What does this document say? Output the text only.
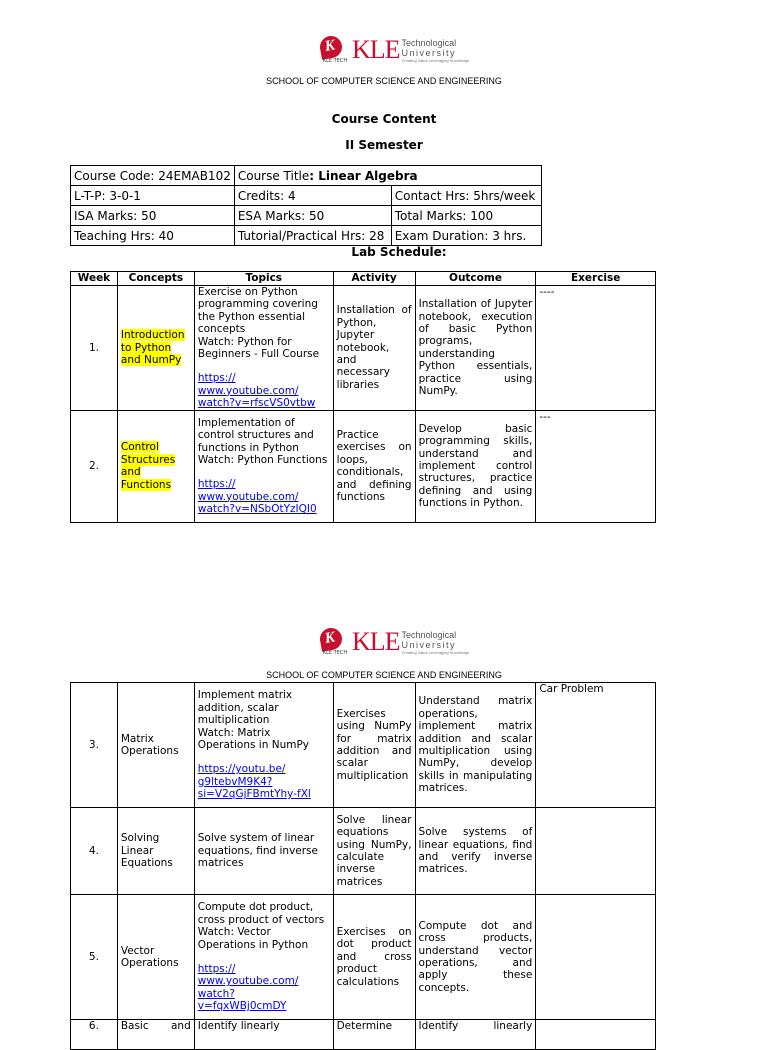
K
KLE TECH KLE Technological
University
Creating Value Leveraging Knowledge
SCHOOL OF COMPUTER SCIENCE AND ENGINEERING
Course Content
II Semester
Course Code: 24EMAB102	Course Title: Linear Algebra	
L-T-P: 3-0-1	Credits: 4	Contact Hrs: 5hrs/week
ISA Marks: 50	ESA Marks: 50	Total Marks: 100
Teaching Hrs: 40	Tutorial/Practical Hrs: 28	Exam Duration: 3 hrs.
Lab Schedule:
Week	Concepts	Topics	Activity	Outcome	Exercise
1.	Introduction to Python and NumPy	Exercise on Python programming covering the Python essential concepts
Watch: Python for Beginners - Full Course
https://
www.youtube.com/
watch?v=rfscVS0vtbw	Installation of Python, Jupyter notebook, and necessary libraries	Installation of Jupyter notebook, execution of basic Python programs, understanding Python essentials, practice using NumPy.	----
2.	Control Structures and Functions	Implementation of control structures and functions in Python
Watch: Python Functions
https://
www.youtube.com/
watch?v=NSbOtYzIQI0	Practice exercises on loops, conditionals, and defining functions	Develop basic programming skills, understand and implement control structures, practice defining and using functions in Python.	---
K
KLE TECH KLE Technological
University
Creating Value Leveraging Knowledge
SCHOOL OF COMPUTER SCIENCE AND ENGINEERING
3.	Matrix Operations	Implement matrix addition, scalar multiplication
Watch: Matrix Operations in NumPy
https://youtu.be/
g9ltebvM9K4?
si=V2qGjFBmtYhy-fXl	Exercises using NumPy for matrix addition and scalar multiplication	Understand matrix operations, implement matrix addition and scalar multiplication using NumPy, develop skills in manipulating matrices.	Car Problem
4.	Solving Linear Equations	Solve system of linear equations, find inverse matrices	Solve linear equations using NumPy, calculate inverse matrices	Solve systems of linear equations, find and verify inverse matrices.	
5.	Vector Operations	Compute dot product, cross product of vectors Watch: Vector Operations in Python
https://
www.youtube.com/
watch?
v=fqxWBj0cmDY	Exercises on dot product and cross product calculations	Compute dot and cross products, understand vector operations, and apply these concepts.	
6.	Basic and	Identify linearly	Determine	Identify linearly	
